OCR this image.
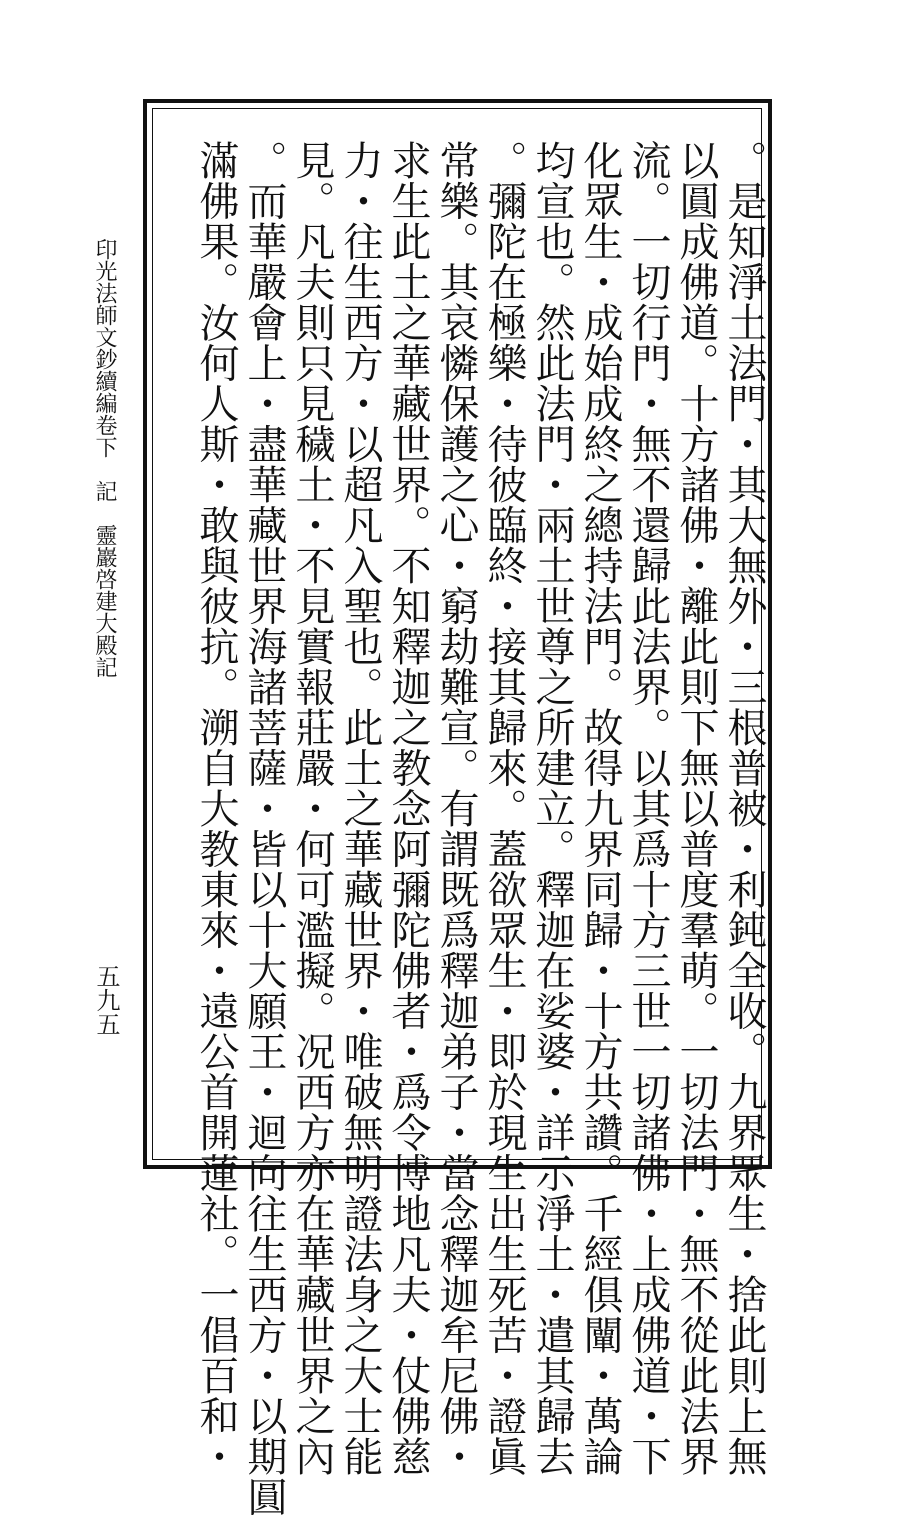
印光法師文鈔續編卷下記靈巖啓建大殿記
五九五	。是知淨土法門・其大無外・三根普被・利鈍全收。九界眾生・捨此則上無
以圓成佛道。十方諸佛・離此則下無以普度羣萌。一切法門・無不從此法界
流。一切行門・無不還歸此法界。以其爲十方三世一切諸佛・上成佛道・下
化眾生・成始成終之總持法門。故得九界同歸・十方共讚。千經俱闡・萬論
均宣也。然此法門・兩土世尊之所建立。釋迦在娑婆・詳示淨土・遣其歸去
。彌陀在極樂・待彼臨終・接其歸來。蓋欲眾生・即於現生出生死苦・證眞
常樂。其哀憐保護之心・窮劫難宣。有謂既爲釋迦弟子・當念釋迦牟尼佛・
求生此土之華藏世界。不知釋迦之教念阿彌陀佛者・爲令博地凡夫・仗佛慈
力・往生西方・以超凡入聖也。此土之華藏世界・唯破無明證法身之大士能
見。凡夫則只見穢土・不見實報莊嚴・何可濫擬。况西方亦在華藏世界之內
。而華嚴會上・盡華藏世界海諸菩薩・皆以十大願王・迴向往生西方・以期圓
滿佛果。汝何人斯・敢與彼抗。溯自大教東來・遠公首開蓮社。一倡百和・
